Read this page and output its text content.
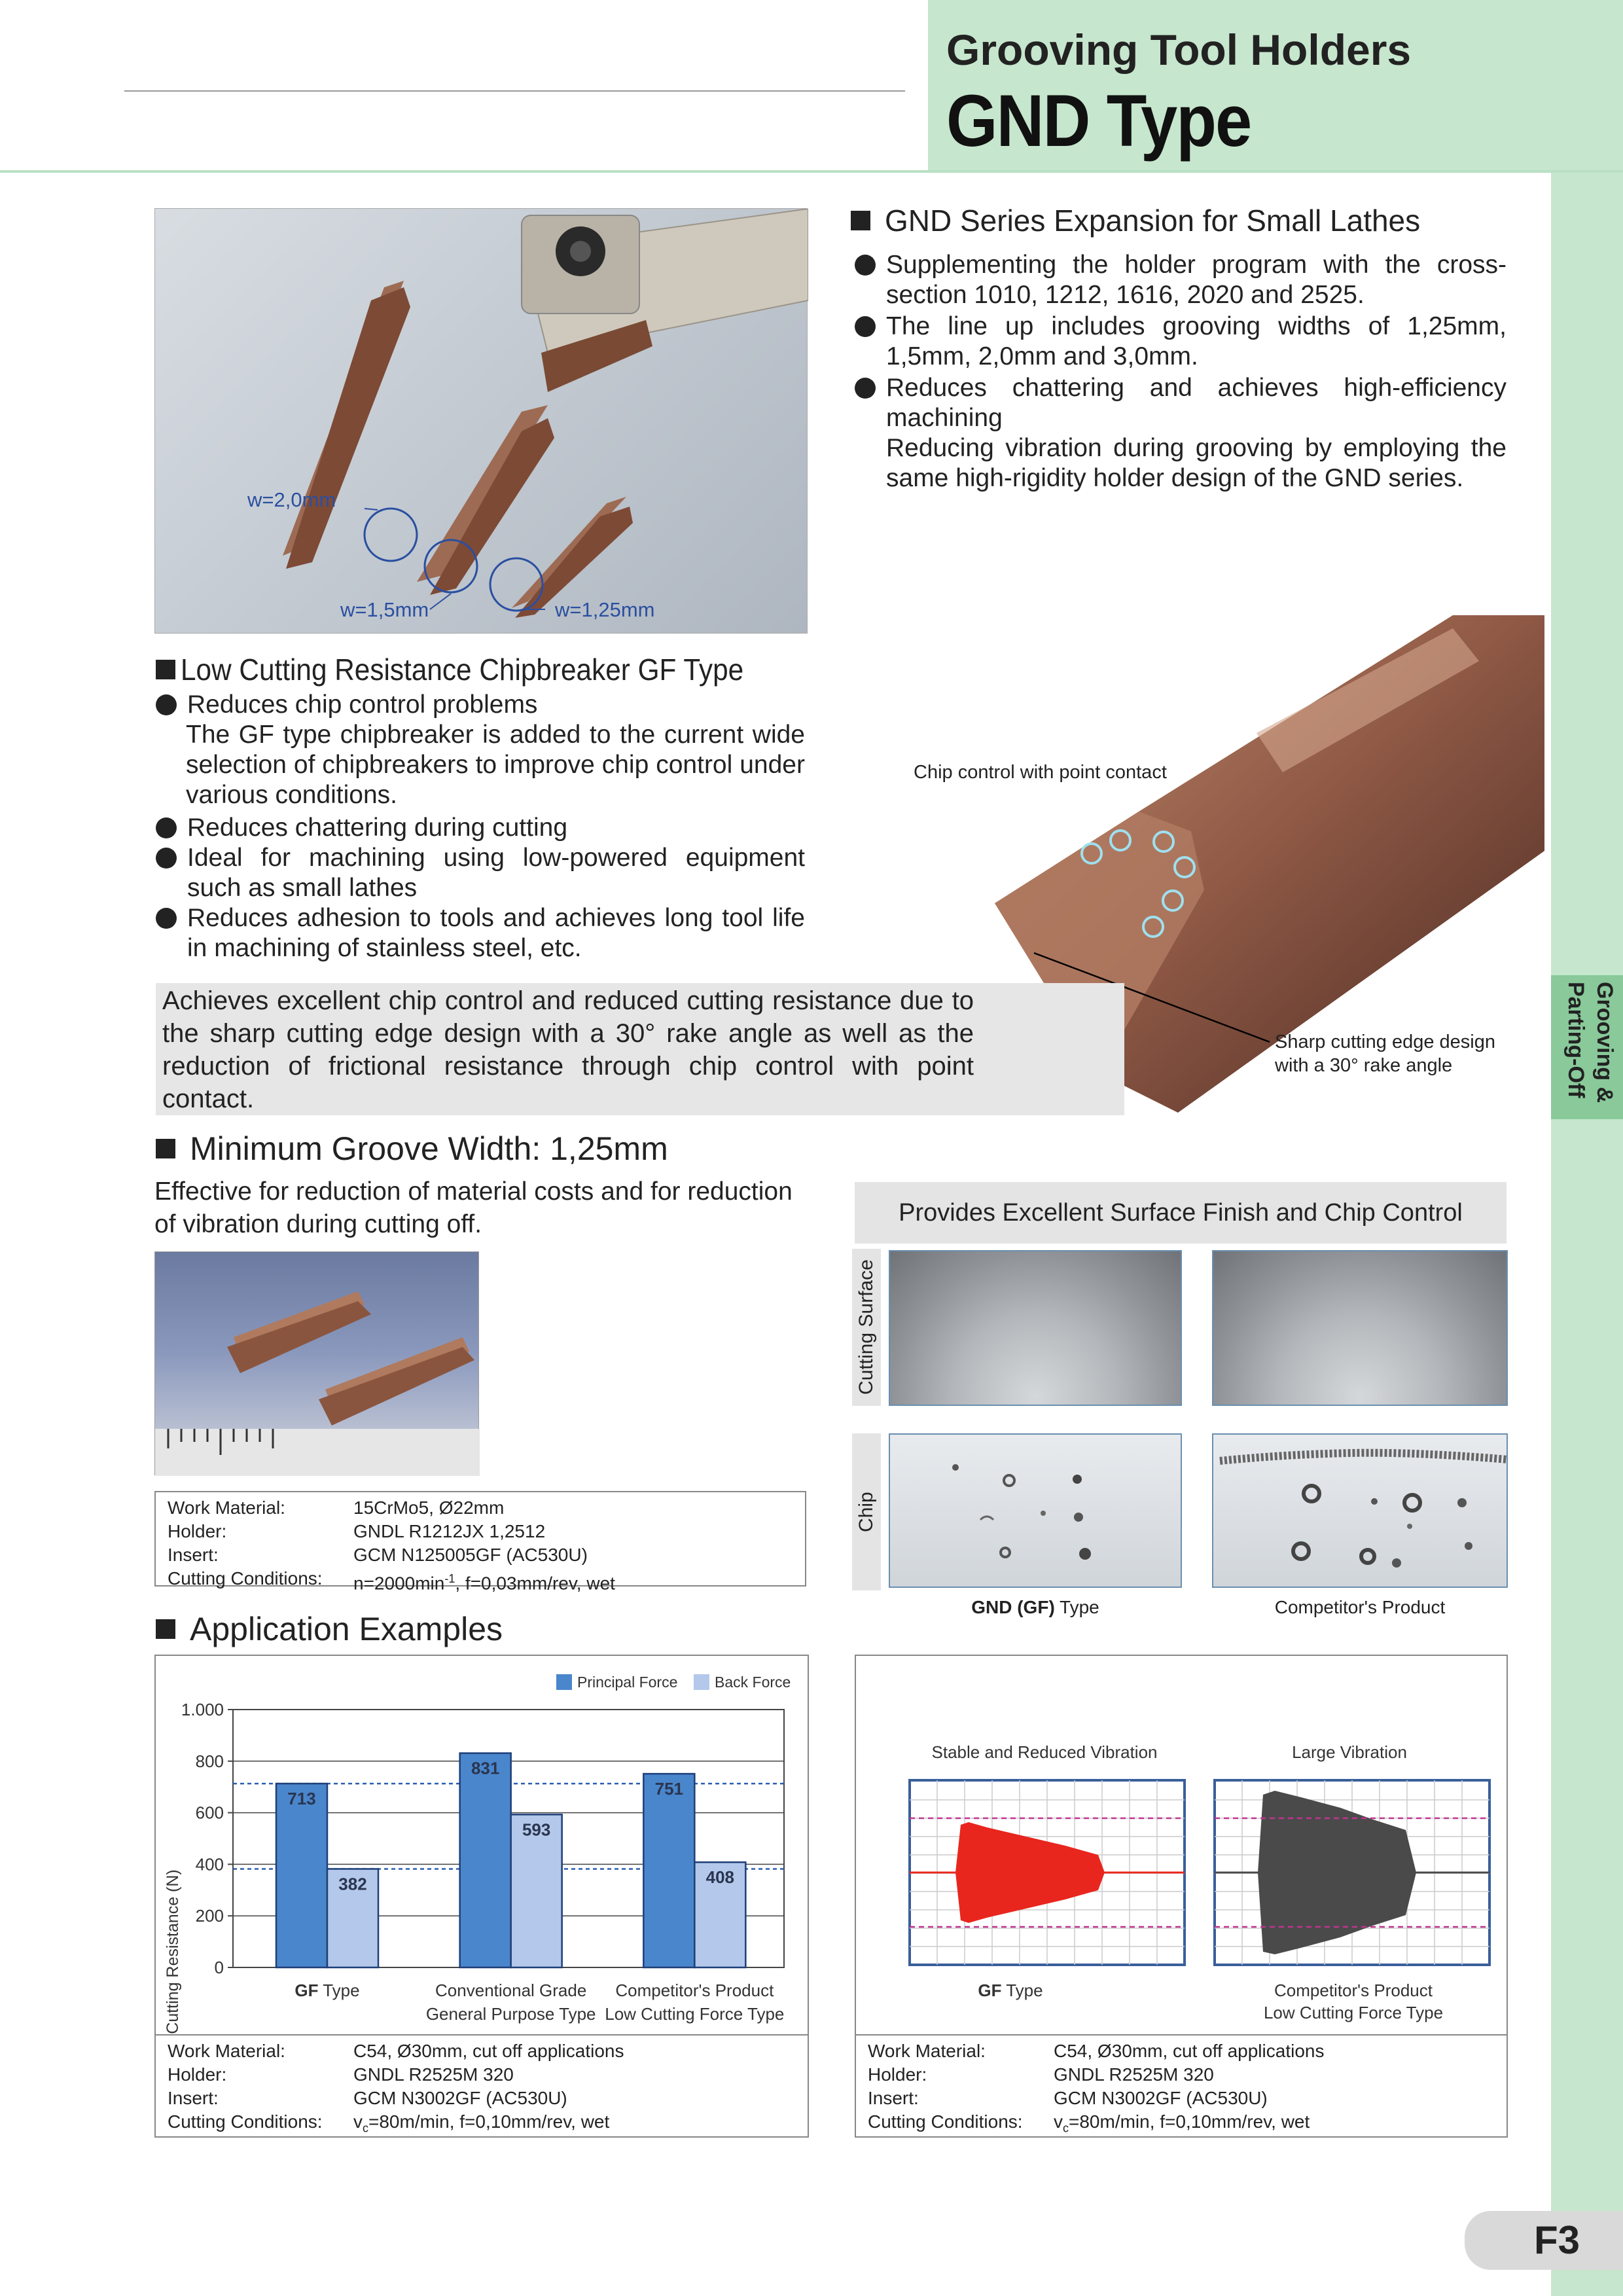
Grooving Tool Holders
GND Type
Grooving & Parting-Off
w=2,0mm
w=1,5mm	w=1,25mm
GND Series Expansion for Small Lathes
Supplementing the holder program with the cross-section 1010, 1212, 1616, 2020 and 2525.
The line up includes grooving widths of 1,25mm, 1,5mm, 2,0mm and 3,0mm.
Reduces chattering and achieves high-efficiency machining
Reducing vibration during grooving by employing the same high-rigidity holder design of the GND series.
Low Cutting Resistance Chipbreaker GF Type
Reduces chip control problems
The GF type chipbreaker is added to the current wide selection of chipbreakers to improve chip control under various conditions.
Reduces chattering during cutting
Ideal for machining using low-powered equipment such as small lathes
Reduces adhesion to tools and achieves long tool life in machining of stainless steel, etc.
Chip control with point contact
Sharp cutting edge design
with a 30° rake angle
Achieves excellent chip control and reduced cutting resistance due to the sharp cutting edge design with a 30° rake angle as well as the reduction of frictional resistance through chip control with point contact.
Minimum Groove Width: 1,25mm
Effective for reduction of material costs and for reduction of vibration during cutting off.
Work Material:	15CrMo5, Ø22mm
Holder:	GNDL R1212JX 1,2512
Insert:	GCM N125005GF (AC530U)
Cutting Conditions:	$n=2000\min^{-1}$, f=0,03mm/rev, wet
Provides Excellent Surface Finish and Chip Control
Cutting Surface
Chip
GND (GF) Type	Competitor's Product
Application Examples
Principal Force Back Force
Cutting Resistance (N) 0
200
400
600
800
1.000
713
382
GF Type
831
593
Conventional Grade
General Purpose Type
751
408
Competitor's Product
Low Cutting Force Type
Stable and Reduced Vibration	Large Vibration
GF Type	Competitor's Product
Low Cutting Force Type
Work Material:	C54, Ø30mm, cut off applications
Holder:	GNDL R2525M 320
Insert:	GCM N3002GF (AC530U)
Cutting Conditions:	$v_c=80m/\min$, f=0,10mm/rev, wet
Work Material:	C54, Ø30mm, cut off applications
Holder:	GNDL R2525M 320
Insert:	GCM N3002GF (AC530U)
Cutting Conditions:	$v_c=80m/\min$, f=0,10mm/rev, wet
F3
